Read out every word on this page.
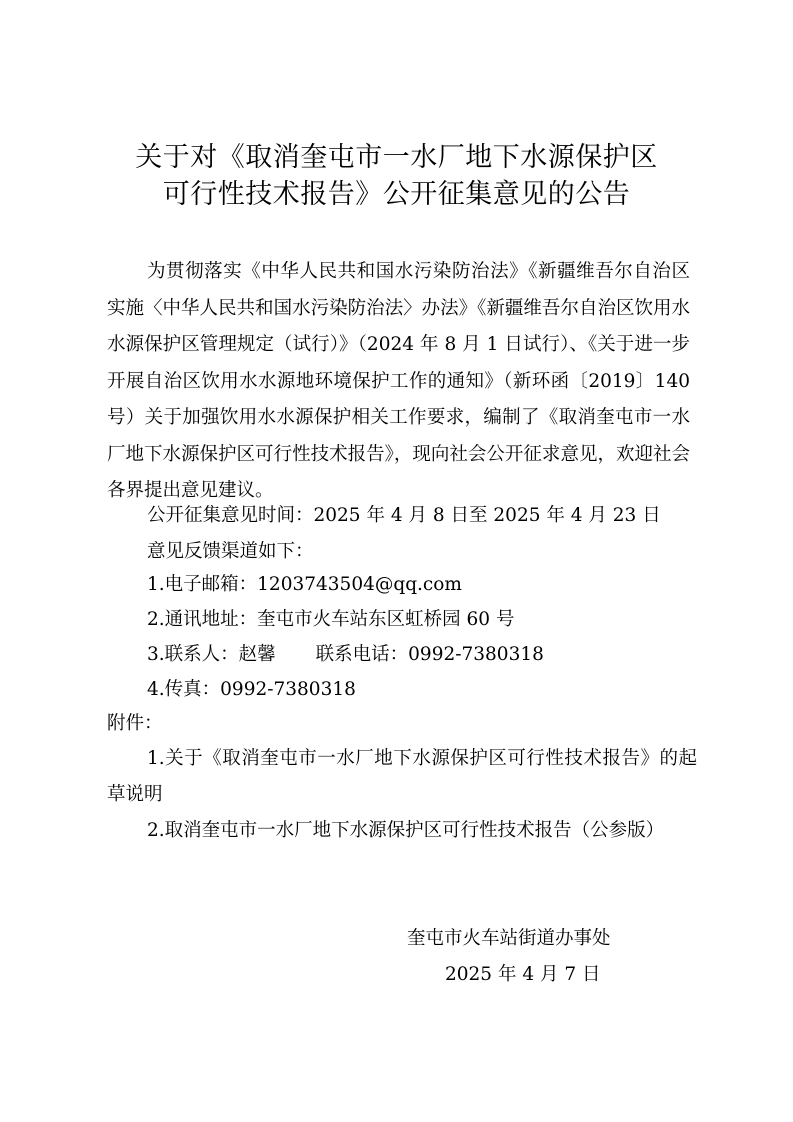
关于对《取消奎屯市一水厂地下水源保护区
可行性技术报告》公开征集意见的公告
为贯彻落实《中华人民共和国水污染防治法》《新疆维吾尔自治区实施〈中华人民共和国水污染防治法〉办法》《新疆维吾尔自治区饮用水水源保护区管理规定（试行）》（2024 年 8 月 1 日试行）、《关于进一步开展自治区饮用水水源地环境保护工作的通知》（新环函〔2019〕140 号）关于加强饮用水水源保护相关工作要求，编制了《取消奎屯市一水厂地下水源保护区可行性技术报告》，现向社会公开征求意见，欢迎社会各界提出意见建议。
公开征集意见时间：2025 年 4 月 8 日至 2025 年 4 月 23 日
意见反馈渠道如下：
1.电子邮箱：1203743504@qq.com
2.通讯地址：奎屯市火车站东区虹桥园 60 号
3.联系人：赵馨 联系电话：0992-7380318
4.传真：0992-7380318
附件：
1.关于《取消奎屯市一水厂地下水源保护区可行性技术报告》的起草说明
2.取消奎屯市一水厂地下水源保护区可行性技术报告（公参版）
奎屯市火车站街道办事处
2025 年 4 月 7 日
